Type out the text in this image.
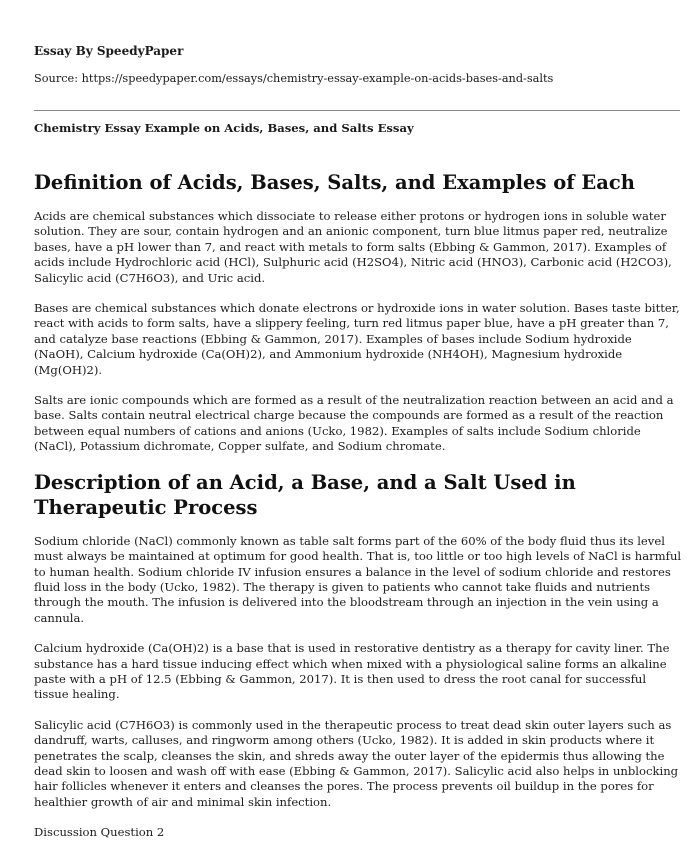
Essay By SpeedyPaper
Source: https://speedypaper.com/essays/chemistry-essay-example-on-acids-bases-and-salts
Chemistry Essay Example on Acids, Bases, and Salts Essay
Definition of Acids, Bases, Salts, and Examples of Each

Acids are chemical substances which dissociate to release either protons or hydrogen ions in soluble water solution. They are sour, contain hydrogen and an anionic component, turn blue litmus paper red, neutralize bases, have a pH lower than 7, and react with metals to form salts (Ebbing & Gammon, 2017). Examples of acids include Hydrochloric acid (HCl), Sulphuric acid (H2SO4), Nitric acid (HNO3), Carbonic acid (H2CO3), Salicylic acid (C7H6O3), and Uric acid.

Bases are chemical substances which donate electrons or hydroxide ions in water solution. Bases taste bitter, react with acids to form salts, have a slippery feeling, turn red litmus paper blue, have a pH greater than 7, and catalyze base reactions (Ebbing & Gammon, 2017). Examples of bases include Sodium hydroxide (NaOH), Calcium hydroxide (Ca(OH)2), and Ammonium hydroxide (NH4OH), Magnesium hydroxide (Mg(OH)2).

Salts are ionic compounds which are formed as a result of the neutralization reaction between an acid and a base. Salts contain neutral electrical charge because the compounds are formed as a result of the reaction between equal numbers of cations and anions (Ucko, 1982). Examples of salts include Sodium chloride (NaCl), Potassium dichromate, Copper sulfate, and Sodium chromate.

Description of an Acid, a Base, and a Salt Used in Therapeutic Process

Sodium chloride (NaCl) commonly known as table salt forms part of the 60% of the body fluid thus its level must always be maintained at optimum for good health. That is, too little or too high levels of NaCl is harmful to human health. Sodium chloride IV infusion ensures a balance in the level of sodium chloride and restores fluid loss in the body (Ucko, 1982). The therapy is given to patients who cannot take fluids and nutrients through the mouth. The infusion is delivered into the bloodstream through an injection in the vein using a cannula.

Calcium hydroxide (Ca(OH)2) is a base that is used in restorative dentistry as a therapy for cavity liner. The substance has a hard tissue inducing effect which when mixed with a physiological saline forms an alkaline paste with a pH of 12.5 (Ebbing & Gammon, 2017). It is then used to dress the root canal for successful tissue healing.

Salicylic acid (C7H6O3) is commonly used in the therapeutic process to treat dead skin outer layers such as dandruff, warts, calluses, and ringworm among others (Ucko, 1982). It is added in skin products where it penetrates the scalp, cleanses the skin, and shreds away the outer layer of the epidermis thus allowing the dead skin to loosen and wash off with ease (Ebbing & Gammon, 2017). Salicylic acid also helps in unblocking hair follicles whenever it enters and cleanses the pores. The process prevents oil buildup in the pores for healthier growth of air and minimal skin infection.

Discussion Question 2
